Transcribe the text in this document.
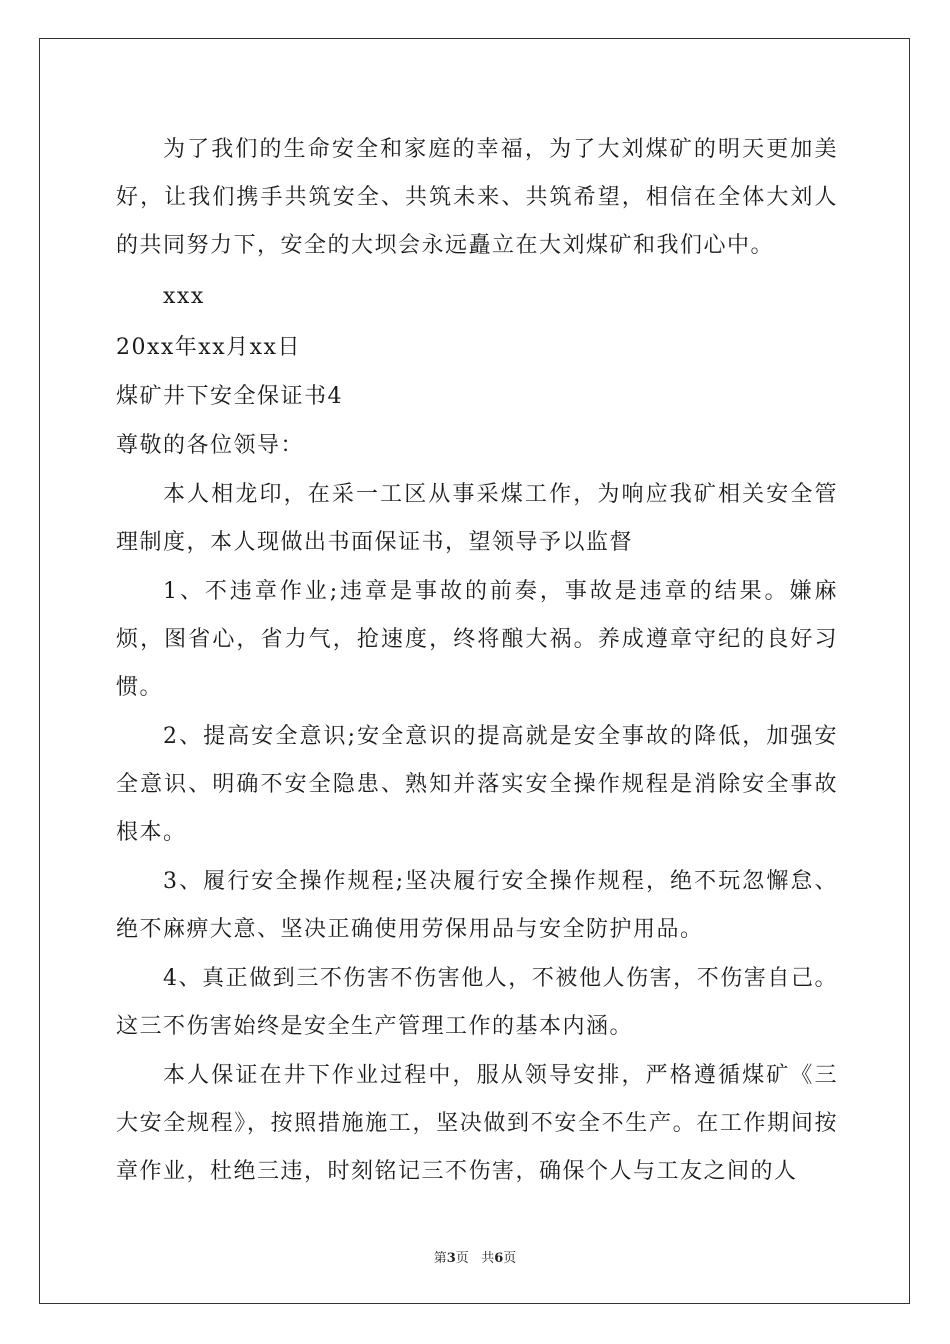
为了我们的生命安全和家庭的幸福，为了大刘煤矿的明天更加美好，让我们携手共筑安全、共筑未来、共筑希望，相信在全体大刘人的共同努力下，安全的大坝会永远矗立在大刘煤矿和我们心中。

xxx

20xx年xx月xx日

煤矿井下安全保证书4

尊敬的各位领导：

本人相龙印，在采一工区从事采煤工作，为响应我矿相关安全管理制度，本人现做出书面保证书，望领导予以监督

1、不违章作业;违章是事故的前奏，事故是违章的结果。嫌麻烦，图省心，省力气，抢速度，终将酿大祸。养成遵章守纪的良好习惯。

2、提高安全意识;安全意识的提高就是安全事故的降低，加强安全意识、明确不安全隐患、熟知并落实安全操作规程是消除安全事故根本。

3、履行安全操作规程;坚决履行安全操作规程，绝不玩忽懈怠、绝不麻痹大意、坚决正确使用劳保用品与安全防护用品。

4、真正做到三不伤害不伤害他人，不被他人伤害，不伤害自己。这三不伤害始终是安全生产管理工作的基本内涵。

本人保证在井下作业过程中，服从领导安排，严格遵循煤矿《三大安全规程》，按照措施施工，坚决做到不安全不生产。在工作期间按章作业，杜绝三违，时刻铭记三不伤害，确保个人与工友之间的人

第3页 共6页
